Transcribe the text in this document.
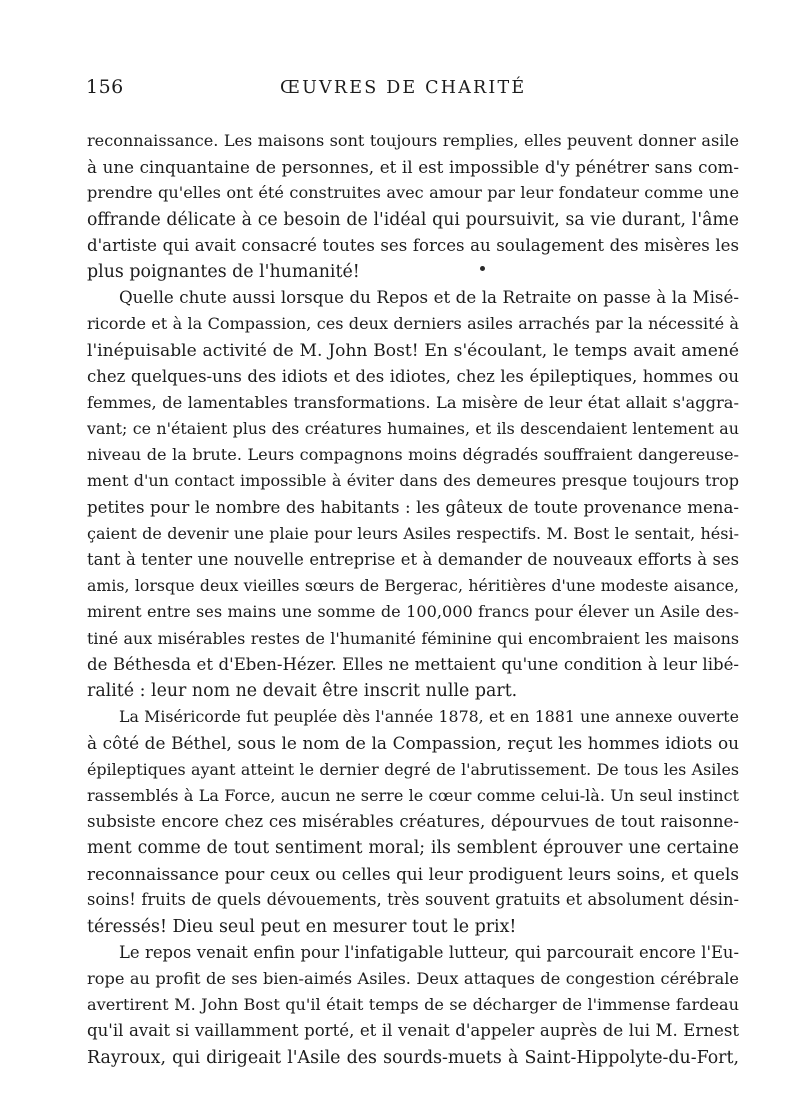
156	ŒUVRES DE CHARITÉ
reconnaissance. Les maisons sont toujours remplies, elles peuvent donner asile
à une cinquantaine de personnes, et il est impossible d'y pénétrer sans com-
prendre qu'elles ont été construites avec amour par leur fondateur comme une
offrande délicate à ce besoin de l'idéal qui poursuivit, sa vie durant, l'âme
d'artiste qui avait consacré toutes ses forces au soulagement des misères les
plus poignantes de l'humanité!
Quelle chute aussi lorsque du Repos et de la Retraite on passe à la Misé-
ricorde et à la Compassion, ces deux derniers asiles arrachés par la nécessité à
l'inépuisable activité de M. John Bost! En s'écoulant, le temps avait amené
chez quelques-uns des idiots et des idiotes, chez les épileptiques, hommes ou
femmes, de lamentables transformations. La misère de leur état allait s'aggra-
vant; ce n'étaient plus des créatures humaines, et ils descendaient lentement au
niveau de la brute. Leurs compagnons moins dégradés souffraient dangereuse-
ment d'un contact impossible à éviter dans des demeures presque toujours trop
petites pour le nombre des habitants : les gâteux de toute provenance mena-
çaient de devenir une plaie pour leurs Asiles respectifs. M. Bost le sentait, hési-
tant à tenter une nouvelle entreprise et à demander de nouveaux efforts à ses
amis, lorsque deux vieilles sœurs de Bergerac, héritières d'une modeste aisance,
mirent entre ses mains une somme de 100,000 francs pour élever un Asile des-
tiné aux misérables restes de l'humanité féminine qui encombraient les maisons
de Béthesda et d'Eben-Hézer. Elles ne mettaient qu'une condition à leur libé-
ralité : leur nom ne devait être inscrit nulle part.
La Miséricorde fut peuplée dès l'année 1878, et en 1881 une annexe ouverte
à côté de Béthel, sous le nom de la Compassion, reçut les hommes idiots ou
épileptiques ayant atteint le dernier degré de l'abrutissement. De tous les Asiles
rassemblés à La Force, aucun ne serre le cœur comme celui-là. Un seul instinct
subsiste encore chez ces misérables créatures, dépourvues de tout raisonne-
ment comme de tout sentiment moral; ils semblent éprouver une certaine
reconnaissance pour ceux ou celles qui leur prodiguent leurs soins, et quels
soins! fruits de quels dévouements, très souvent gratuits et absolument désin-
téressés! Dieu seul peut en mesurer tout le prix!
Le repos venait enfin pour l'infatigable lutteur, qui parcourait encore l'Eu-
rope au profit de ses bien-aimés Asiles. Deux attaques de congestion cérébrale
avertirent M. John Bost qu'il était temps de se décharger de l'immense fardeau
qu'il avait si vaillamment porté, et il venait d'appeler auprès de lui M. Ernest
Rayroux, qui dirigeait l'Asile des sourds-muets à Saint-Hippolyte-du-Fort,
